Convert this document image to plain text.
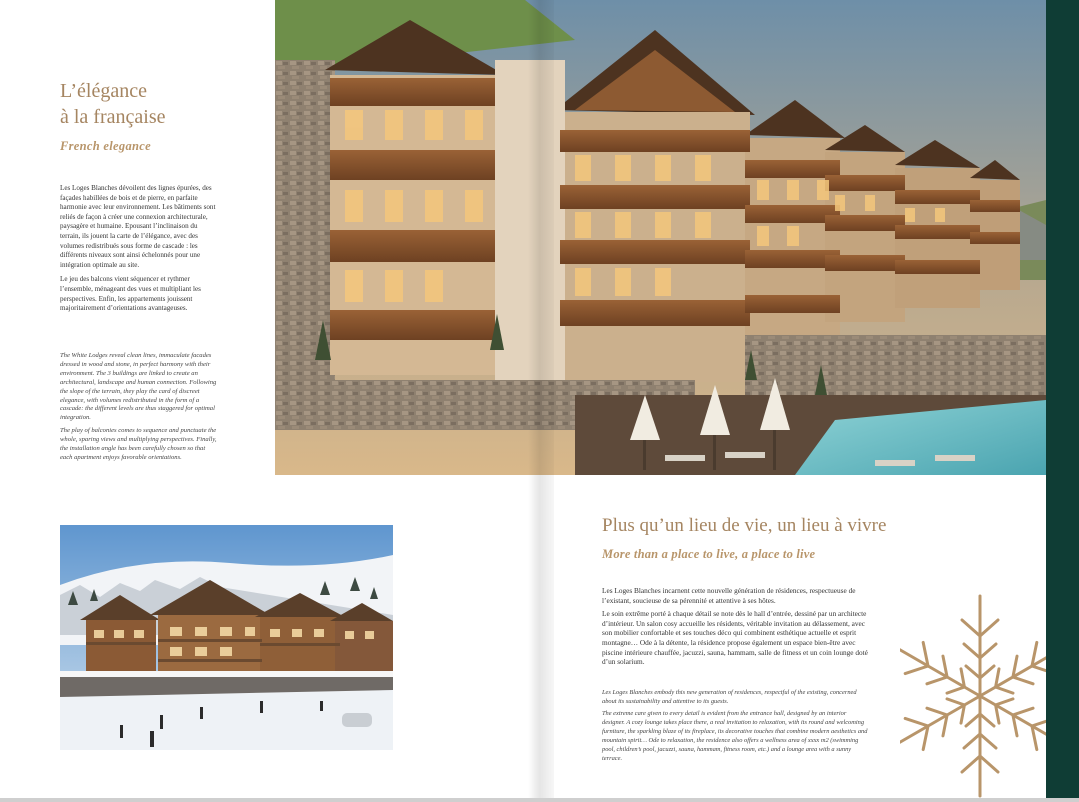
L’élégance
à la française
French elegance

Les Loges Blanches dévoilent des lignes épurées, des façades habillées de bois et de pierre, en parfaite harmonie avec leur environnement. Les bâtiments sont reliés de façon à créer une connexion architecturale, paysagère et humaine. Epousant l’inclinaison du terrain, ils jouent la carte de l’élégance, avec des volumes redistribués sous forme de cascade : les différents niveaux sont ainsi échelonnés pour une intégration optimale au site.

Le jeu des balcons vient séquencer et rythmer l’ensemble, ménageant des vues et multipliant les perspectives. Enfin, les appartements jouissent majoritairement d’orientations avantageuses.

The White Lodges reveal clean lines, immaculate facades dressed in wood and stone, in perfect harmony with their environment. The 3 buildings are linked to create an architectural, landscape and human connection. Following the slope of the terrain, they play the card of discreet elegance, with volumes redistributed in the form of a cascade: the different levels are thus staggered for optimal integration.

The play of balconies comes to sequence and punctuate the whole, sparing views and multiplying perspectives. Finally, the installation angle has been carefully chosen so that each apartment enjoys favorable orientations.

Plus qu’un lieu de vie, un lieu à vivre
More than a place to live, a place to live

Les Loges Blanches incarnent cette nouvelle génération de résidences, respectueuse de l’existant, soucieuse de sa pérennité et attentive à ses hôtes.

Le soin extrême porté à chaque détail se note dès le hall d’entrée, dessiné par un architecte d’intérieur. Un salon cosy accueille les résidents, véritable invitation au délassement, avec son mobilier confortable et ses touches déco qui combinent esthétique actuelle et esprit montagne… Ode à la détente, la résidence propose également un espace bien-être avec piscine intérieure chauffée, jacuzzi, sauna, hammam, salle de fitness et un coin lounge doté d’un solarium.

Les Loges Blanches embody this new generation of residences, respectful of the existing, concerned about its sustainability and attentive to its guests.

The extreme care given to every detail is evident from the entrance hall, designed by an interior designer. A cozy lounge takes place there, a real invitation to relaxation, with its round and welcoming furniture, the sparkling blaze of its fireplace, its decorative touches that combine modern aesthetics and mountain spirit… Ode to relaxation, the residence also offers a wellness area of xxxx m2 (swimming pool, children’s pool, jacuzzi, sauna, hammam, fitness room, etc.) and a lounge area with a sunny terrace.
